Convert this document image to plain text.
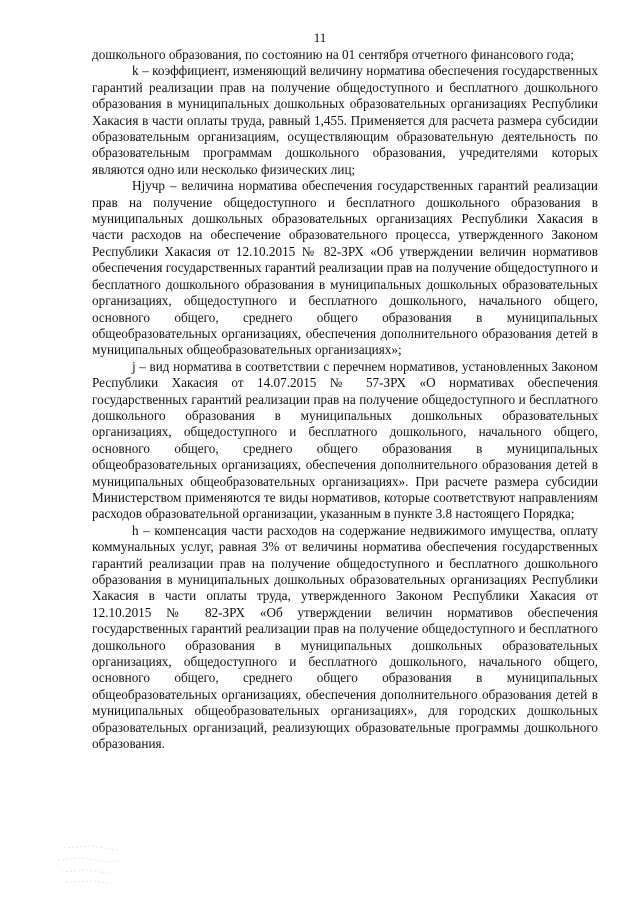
11

дошкольного образования, по состоянию на 01 сентября отчетного финансового года;

k – коэффициент, изменяющий величину норматива обеспечения государственных гарантий реализации прав на получение общедоступного и бесплатного дошкольного образования в муниципальных дошкольных образовательных организациях Республики Хакасия в части оплаты труда, равный 1,455. Применяется для расчета размера субсидии образовательным организациям, осуществляющим образовательную деятельность по образовательным программам дошкольного образования, учредителями которых являются одно или несколько физических лиц;

Hjучр – величина норматива обеспечения государственных гарантий реализации прав на получение общедоступного и бесплатного дошкольного образования в муниципальных дошкольных образовательных организациях Республики Хакасия в части расходов на обеспечение образовательного процесса, утвержденного Законом Республики Хакасия от 12.10.2015 № 82-ЗРХ «Об утверждении величин нормативов обеспечения государственных гарантий реализации прав на получение общедоступного и бесплатного дошкольного образования в муниципальных дошкольных образовательных организациях, общедоступного и бесплатного дошкольного, начального общего, основного общего, среднего общего образования в муниципальных общеобразовательных организациях, обеспечения дополнительного образования детей в муниципальных общеобразовательных организациях»;

j – вид норматива в соответствии с перечнем нормативов, установленных Законом Республики Хакасия от 14.07.2015 № 57-ЗРХ «О нормативах обеспечения государственных гарантий реализации прав на получение общедоступного и бесплатного дошкольного образования в муниципальных дошкольных образовательных организациях, общедоступного и бесплатного дошкольного, начального общего, основного общего, среднего общего образования в муниципальных общеобразовательных организациях, обеспечения дополнительного образования детей в муниципальных общеобразовательных организациях». При расчете размера субсидии Министерством применяются те виды нормативов, которые соответствуют направлениям расходов образовательной организации, указанным в пункте 3.8 настоящего Порядка;

h – компенсация части расходов на содержание недвижимого имущества, оплату коммунальных услуг, равная 3% от величины норматива обеспечения государственных гарантий реализации прав на получение общедоступного и бесплатного дошкольного образования в муниципальных дошкольных образовательных организациях Республики Хакасия в части оплаты труда, утвержденного Законом Республики Хакасия от 12.10.2015 № 82-ЗРХ «Об утверждении величин нормативов обеспечения государственных гарантий реализации прав на получение общедоступного и бесплатного дошкольного образования в муниципальных дошкольных образовательных организациях, общедоступного и бесплатного дошкольного, начального общего, основного общего, среднего общего образования в муниципальных общеобразовательных организациях, обеспечения дополнительного образования детей в муниципальных общеобразовательных организациях», для городских дошкольных образовательных организаций, реализующих образовательные программы дошкольного образования.
